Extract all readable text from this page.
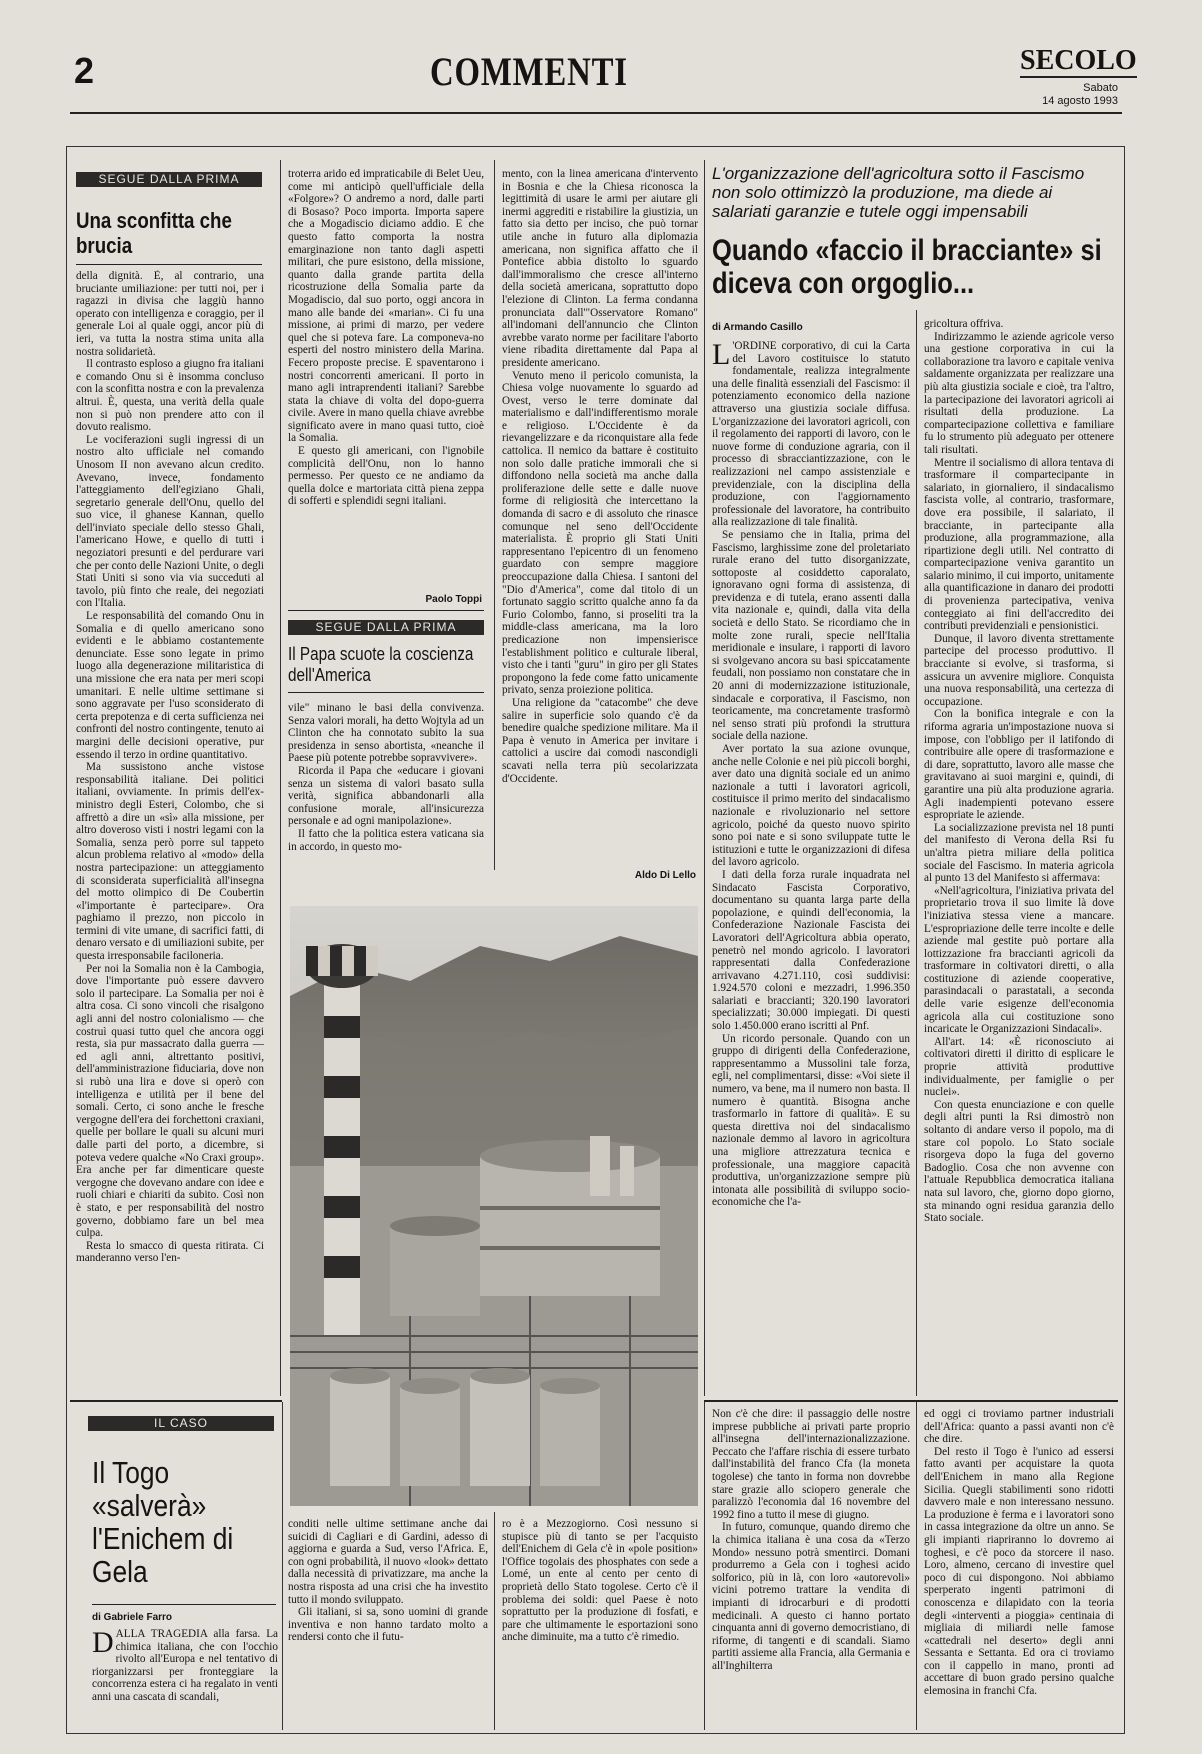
2	COMMENTI	SECOLO
Sabato
14 agosto 1993
SEGUE DALLA PRIMA
Una sconfitta che brucia

della dignità. È, al contrario, una bruciante umiliazione: per tutti noi, per i ragazzi in divisa che laggiù hanno operato con intelligenza e coraggio, per il generale Loi al quale oggi, ancor più di ieri, va tutta la nostra stima unita alla nostra solidarietà.

Il contrasto esploso a giugno fra italiani e comando Onu si è insomma concluso con la sconfitta nostra e con la prevalenza altrui. È, questa, una verità della quale non si può non prendere atto con il dovuto realismo.

Le vociferazioni sugli ingressi di un nostro alto ufficiale nel comando Unosom II non avevano alcun credito. Avevano, invece, fondamento l'atteggiamento dell'egiziano Ghali, segretario generale dell'Onu, quello del suo vice, il ghanese Kannan, quello dell'inviato speciale dello stesso Ghali, l'americano Howe, e quello di tutti i negoziatori presunti e del perdurare vari che per conto delle Nazioni Unite, o degli Stati Uniti si sono via via succeduti al tavolo, più finto che reale, dei negoziati con l'Italia.

Le responsabilità del comando Onu in Somalia e di quello americano sono evidenti e le abbiamo costantemente denunciate. Esse sono legate in primo luogo alla degenerazione militaristica di una missione che era nata per meri scopi umanitari. E nelle ultime settimane si sono aggravate per l'uso sconsiderato di certa prepotenza e di certa sufficienza nei confronti del nostro contingente, tenuto ai margini delle decisioni operative, pur essendo il terzo in ordine quantitativo.

Ma sussistono anche vistose responsabilità italiane. Dei politici italiani, ovviamente. In primis dell'ex-ministro degli Esteri, Colombo, che si affrettò a dire un «sì» alla missione, per altro doveroso visti i nostri legami con la Somalia, senza però porre sul tappeto alcun problema relativo al «modo» della nostra partecipazione: un atteggiamento di sconsiderata superficialità all'insegna del motto olimpico di De Coubertin «l'importante è partecipare». Ora paghiamo il prezzo, non piccolo in termini di vite umane, di sacrifici fatti, di denaro versato e di umiliazioni subite, per questa irresponsabile faciloneria.

Per noi la Somalia non è la Cambogia, dove l'importante può essere davvero solo il partecipare. La Somalia per noi è altra cosa. Ci sono vincoli che risalgono agli anni del nostro colonialismo — che costruì quasi tutto quel che ancora oggi resta, sia pur massacrato dalla guerra — ed agli anni, altrettanto positivi, dell'amministrazione fiduciaria, dove non si rubò una lira e dove si operò con intelligenza e utilità per il bene del somali. Certo, ci sono anche le fresche vergogne dell'era dei forchettoni craxiani, quelle per bollare le quali su alcuni muri dalle parti del porto, a dicembre, si poteva vedere qualche «No Craxi group». Era anche per far dimenticare queste vergogne che dovevano andare con idee e ruoli chiari e chiariti da subito. Così non è stato, e per responsabilità del nostro governo, dobbiamo fare un bel mea culpa.

Resta lo smacco di questa ritirata. Ci manderanno verso l'en-

troterra arido ed impraticabile di Belet Ueu, come mi anticipò quell'ufficiale della «Folgore»? O andremo a nord, dalle parti di Bosaso? Poco importa. Importa sapere che a Mogadiscio diciamo addio. E che questo fatto comporta la nostra emarginazione non tanto dagli aspetti militari, che pure esistono, della missione, quanto dalla grande partita della ricostruzione della Somalia parte da Mogadiscio, dal suo porto, oggi ancora in mano alle bande dei «marian». Ci fu una missione, ai primi di marzo, per vedere quel che si poteva fare. La componeva-no esperti del nostro ministero della Marina. Fecero proposte precise. E spaventarono i nostri concorrenti americani. Il porto in mano agli intraprendenti italiani? Sarebbe stata la chiave di volta del dopo-guerra civile. Avere in mano quella chiave avrebbe significato avere in mano quasi tutto, cioè la Somalia.

E questo gli americani, con l'ignobile complicità dell'Onu, non lo hanno permesso. Per questo ce ne andiamo da quella dolce e martoriata città piena zeppa di sofferti e splendidi segni italiani.

Paolo Toppi
SEGUE DALLA PRIMA
Il Papa scuote la coscienza dell'America

vile" minano le basi della convivenza. Senza valori morali, ha detto Wojtyla ad un Clinton che ha connotato subito la sua presidenza in senso abortista, «neanche il Paese più potente potrebbe sopravvivere».

Ricorda il Papa che «educare i giovani senza un sistema di valori basato sulla verità, significa abbandonarli alla confusione morale, all'insicurezza personale e ad ogni manipolazione».

Il fatto che la politica estera vaticana sia in accordo, in questo mo-

mento, con la linea americana d'intervento in Bosnia e che la Chiesa riconosca la legittimità di usare le armi per aiutare gli inermi aggrediti e ristabilire la giustizia, un fatto sia detto per inciso, che può tornar utile anche in futuro alla diplomazia americana, non significa affatto che il Pontefice abbia distolto lo sguardo dall'immoralismo che cresce all'interno della società americana, soprattutto dopo l'elezione di Clinton. La ferma condanna pronunciata dall'"Osservatore Romano" all'indomani dell'annuncio che Clinton avrebbe varato norme per facilitare l'aborto viene ribadita direttamente dal Papa al presidente americano.

Venuto meno il pericolo comunista, la Chiesa volge nuovamente lo sguardo ad Ovest, verso le terre dominate dal materialismo e dall'indifferentismo morale e religioso. L'Occidente è da rievangelizzare e da riconquistare alla fede cattolica. Il nemico da battare è costituito non solo dalle pratiche immorali che si diffondono nella società ma anche dalla proliferazione delle sette e dalle nuove forme di religiosità che intercettano la domanda di sacro e di assoluto che rinasce comunque nel seno dell'Occidente materialista. È proprio gli Stati Uniti rappresentano l'epicentro di un fenomeno guardato con sempre maggiore preoccupazione dalla Chiesa. I santoni del "Dio d'America", come dal titolo di un fortunato saggio scritto qualche anno fa da Furio Colombo, fanno, si proseliti tra la middle-class americana, ma la loro predicazione non impensierisce l'establishment politico e culturale liberal, visto che i tanti "guru" in giro per gli States propongono la fede come fatto unicamente privato, senza proiezione politica.

Una religione da "catacombe" che deve salire in superficie solo quando c'è da benedire qualche spedizione militare. Ma il Papa è venuto in America per invitare i cattolici a uscire dai comodi nascondigli scavati nella terra più secolarizzata d'Occidente.

Aldo Di Lello
L'organizzazione dell'agricoltura sotto il Fascismo non solo ottimizzò la produzione, ma diede ai salariati garanzie e tutele oggi impensabili
Quando «faccio il bracciante» si diceva con orgoglio...
di Armando Casillo
L 'ORDINE corporativo, di cui la Carta del Lavoro costituisce lo statuto fondamentale, realizza integralmente una delle finalità essenziali del Fascismo: il potenziamento economico della nazione attraverso una giustizia sociale diffusa. L'organizzazione dei lavoratori agricoli, con il regolamento dei rapporti di lavoro, con le nuove forme di conduzione agraria, con il processo di sbracciantizzazione, con le realizzazioni nel campo assistenziale e previdenziale, con la disciplina della produzione, con l'aggiornamento professionale del lavoratore, ha contribuito alla realizzazione di tale finalità.

Se pensiamo che in Italia, prima del Fascismo, larghissime zone del proletariato rurale erano del tutto disorganizzate, sottoposte al cosiddetto caporalato, ignoravano ogni forma di assistenza, di previdenza e di tutela, erano assenti dalla vita nazionale e, quindi, dalla vita della società e dello Stato. Se ricordiamo che in molte zone rurali, specie nell'Italia meridionale e insulare, i rapporti di lavoro si svolgevano ancora su basi spiccatamente feudali, non possiamo non constatare che in 20 anni di modernizzazione istituzionale, sindacale e corporativa, il Fascismo, non teoricamente, ma concretamente trasformò nel senso strati più profondi la struttura sociale della nazione.

Aver portato la sua azione ovunque, anche nelle Colonie e nei più piccoli borghi, aver dato una dignità sociale ed un animo nazionale a tutti i lavoratori agricoli, costituisce il primo merito del sindacalismo nazionale e rivoluzionario nel settore agricolo, poiché da questo nuovo spirito sono poi nate e si sono sviluppate tutte le istituzioni e tutte le organizzazioni di difesa del lavoro agricolo.

I dati della forza rurale inquadrata nel Sindacato Fascista Corporativo, documentano su quanta larga parte della popolazione, e quindi dell'economia, la Confederazione Nazionale Fascista dei Lavoratori dell'Agricoltura abbia operato, penetrò nel mondo agricolo. I lavoratori rappresentati dalla Confederazione arrivavano 4.271.110, così suddivisi: 1.924.570 coloni e mezzadri, 1.996.350 salariati e braccianti; 320.190 lavoratori specializzati; 30.000 impiegati. Di questi solo 1.450.000 erano iscritti al Pnf.

Un ricordo personale. Quando con un gruppo di dirigenti della Confederazione, rappresentammo a Mussolini tale forza, egli, nel complimentarsi, disse: «Voi siete il numero, va bene, ma il numero non basta. Il numero è quantità. Bisogna anche trasformarlo in fattore di qualità». E su questa direttiva noi del sindacalismo nazionale demmo al lavoro in agricoltura una migliore attrezzatura tecnica e professionale, una maggiore capacità produttiva, un'organizzazione sempre più intonata alle possibilità di sviluppo socio-economiche che l'a-

gricoltura offriva.

Indirizzammo le aziende agricole verso una gestione corporativa in cui la collaborazione tra lavoro e capitale veniva saldamente organizzata per realizzare una più alta giustizia sociale e cioè, tra l'altro, la partecipazione dei lavoratori agricoli ai risultati della produzione. La compartecipazione collettiva e familiare fu lo strumento più adeguato per ottenere tali risultati.

Mentre il socialismo di allora tentava di trasformare il compartecipante in salariato, in giornaliero, il sindacalismo fascista volle, al contrario, trasformare, dove era possibile, il salariato, il bracciante, in partecipante alla produzione, alla programmazione, alla ripartizione degli utili. Nel contratto di compartecipazione veniva garantito un salario minimo, il cui importo, unitamente alla quantificazione in danaro dei prodotti di provenienza partecipativa, veniva conteggiato ai fini dell'accredito dei contributi previdenziali e pensionistici.

Dunque, il lavoro diventa strettamente partecipe del processo produttivo. Il bracciante si evolve, si trasforma, si assicura un avvenire migliore. Conquista una nuova responsabilità, una certezza di occupazione.

Con la bonifica integrale e con la riforma agraria un'impostazione nuova si impose, con l'obbligo per il latifondo di contribuire alle opere di trasformazione e di dare, soprattutto, lavoro alle masse che gravitavano ai suoi margini e, quindi, di garantire una più alta produzione agraria. Agli inadempienti potevano essere espropriate le aziende.

La socializzazione prevista nel 18 punti del manifesto di Verona della Rsi fu un'altra pietra miliare della politica sociale del Fascismo. In materia agricola al punto 13 del Manifesto si affermava:

«Nell'agricoltura, l'iniziativa privata del proprietario trova il suo limite là dove l'iniziativa stessa viene a mancare. L'espropriazione delle terre incolte e delle aziende mal gestite può portare alla lottizzazione fra braccianti agricoli da trasformare in coltivatori diretti, o alla costituzione di aziende cooperative, parasindacali o parastatali, a seconda delle varie esigenze dell'economia agricola alla cui costituzione sono incaricate le Organizzazioni Sindacali».

All'art. 14: «È riconosciuto ai coltivatori diretti il diritto di esplicare le proprie attività produttive individualmente, per famiglie o per nuclei».

Con questa enunciazione e con quelle degli altri punti la Rsi dimostrò non soltanto di andare verso il popolo, ma di stare col popolo. Lo Stato sociale risorgeva dopo la fuga del governo Badoglio. Cosa che non avvenne con l'attuale Repubblica democratica italiana nata sul lavoro, che, giorno dopo giorno, sta minando ogni residua garanzia dello Stato sociale.

IL CASO
Il Togo «salverà» l'Enichem di Gela
di Gabriele Farro
D ALLA TRAGEDIA alla farsa. La chimica italiana, che con l'occhio rivolto all'Europa e nel tentativo di riorganizzarsi per fronteggiare la concorrenza estera ci ha regalato in venti anni una cascata di scandali,

conditi nelle ultime settimane anche dai suicidi di Cagliari e di Gardini, adesso di aggiorna e guarda a Sud, verso l'Africa. E, con ogni probabilità, il nuovo «look» dettato dalla necessità di privatizzare, ma anche la nostra risposta ad una crisi che ha investito tutto il mondo sviluppato.

Gli italiani, si sa, sono uomini di grande inventiva e non hanno tardato molto a rendersi conto che il futu-

ro è a Mezzogiorno. Così nessuno si stupisce più di tanto se per l'acquisto dell'Enichem di Gela c'è in «pole position» l'Office togolais des phosphates con sede a Lomé, un ente al cento per cento di proprietà dello Stato togolese. Certo c'è il problema dei soldi: quel Paese è noto soprattutto per la produzione di fosfati, e pare che ultimamente le esportazioni sono anche diminuite, ma a tutto c'è rimedio.

Non c'è che dire: il passaggio delle nostre imprese pubbliche ai privati parte proprio all'insegna dell'internazionalizzazione. Peccato che l'affare rischia di essere turbato dall'instabilità del franco Cfa (la moneta togolese) che tanto in forma non dovrebbe stare grazie allo sciopero generale che paralizzò l'economia dal 16 novembre del 1992 fino a tutto il mese di giugno.

In futuro, comunque, quando diremo che la chimica italiana è una cosa da «Terzo Mondo» nessuno potrà smentirci. Domani produrremo a Gela con i toghesi acido solforico, più in là, con loro «autorevoli» vicini potremo trattare la vendita di impianti di idrocarburi e di prodotti medicinali. A questo ci hanno portato cinquanta anni di governo democristiano, di riforme, di tangenti e di scandali. Siamo partiti assieme alla Francia, alla Germania e all'Inghilterra

ed oggi ci troviamo partner industriali dell'Africa: quanto a passi avanti non c'è che dire.

Del resto il Togo è l'unico ad essersi fatto avanti per acquistare la quota dell'Enichem in mano alla Regione Sicilia. Quegli stabilimenti sono ridotti davvero male e non interessano nessuno. La produzione è ferma e i lavoratori sono in cassa integrazione da oltre un anno. Se gli impianti riapriranno lo dovremo ai toghesi, e c'è poco da storcere il naso. Loro, almeno, cercano di investire quel poco di cui dispongono. Noi abbiamo sperperato ingenti patrimoni di conoscenza e dilapidato con la teoria degli «interventi a pioggia» centinaia di migliaia di miliardi nelle famose «cattedrali nel deserto» degli anni Sessanta e Settanta. Ed ora ci troviamo con il cappello in mano, pronti ad accettare di buon grado persino qualche elemosina in franchi Cfa.
